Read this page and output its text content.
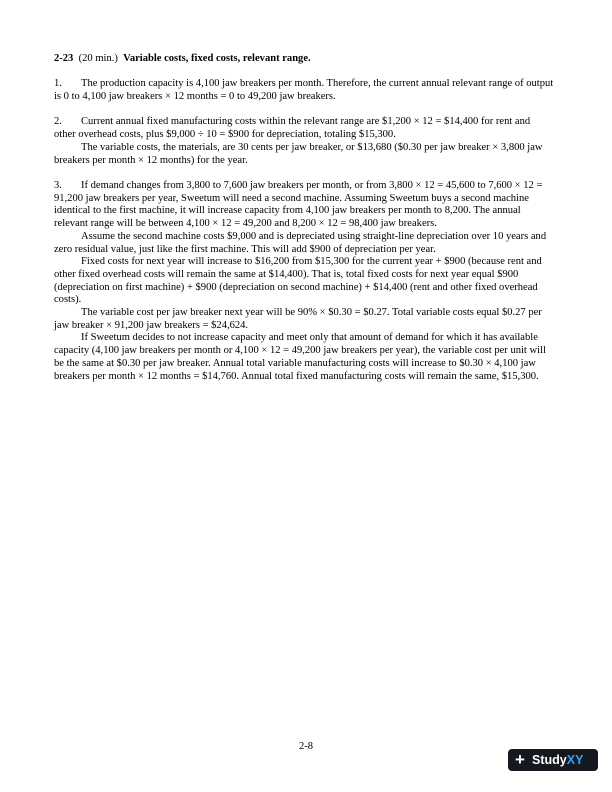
2-23 (20 min.) Variable costs, fixed costs, relevant range.

1. The production capacity is 4,100 jaw breakers per month. Therefore, the current annual relevant range of output is 0 to 4,100 jaw breakers × 12 months = 0 to 49,200 jaw breakers.

2. Current annual fixed manufacturing costs within the relevant range are $1,200 × 12 = $14,400 for rent and other overhead costs, plus $9,000 ÷ 10 = $900 for depreciation, totaling $15,300.

The variable costs, the materials, are 30 cents per jaw breaker, or $13,680 ($0.30 per jaw breaker × 3,800 jaw breakers per month × 12 months) for the year.

3. If demand changes from 3,800 to 7,600 jaw breakers per month, or from 3,800 × 12 = 45,600 to 7,600 × 12 = 91,200 jaw breakers per year, Sweetum will need a second machine. Assuming Sweetum buys a second machine identical to the first machine, it will increase capacity from 4,100 jaw breakers per month to 8,200. The annual relevant range will be between 4,100 × 12 = 49,200 and 8,200 × 12 = 98,400 jaw breakers.

Assume the second machine costs $9,000 and is depreciated using straight-line depreciation over 10 years and zero residual value, just like the first machine. This will add $900 of depreciation per year.

Fixed costs for next year will increase to $16,200 from $15,300 for the current year + $900 (because rent and other fixed overhead costs will remain the same at $14,400). That is, total fixed costs for next year equal $900 (depreciation on first machine) + $900 (depreciation on second machine) + $14,400 (rent and other fixed overhead costs).

The variable cost per jaw breaker next year will be 90% × $0.30 = $0.27. Total variable costs equal $0.27 per jaw breaker × 91,200 jaw breakers = $24,624.

If Sweetum decides to not increase capacity and meet only that amount of demand for which it has available capacity (4,100 jaw breakers per month or 4,100 × 12 = 49,200 jaw breakers per year), the variable cost per unit will be the same at $0.30 per jaw breaker. Annual total variable manufacturing costs will increase to $0.30 × 4,100 jaw breakers per month × 12 months = $14,760. Annual total fixed manufacturing costs will remain the same, $15,300.

2-8
+ StudyXY
